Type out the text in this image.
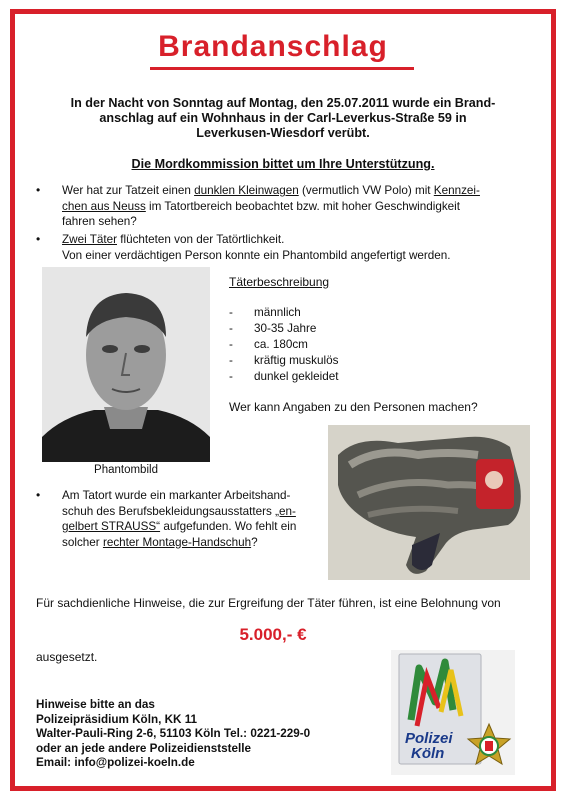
Brandanschlag
In der Nacht von Sonntag auf Montag, den 25.07.2011 wurde ein Brand-
anschlag auf ein Wohnhaus in der Carl-Leverkus-Straße 59 in
Leverkusen-Wiesdorf verübt.
Die Mordkommission bittet um Ihre Unterstützung.
• Wer hat zur Tatzeit einen dunklen Kleinwagen (vermutlich VW Polo) mit Kennzei-
chen aus Neuss im Tatortbereich beobachtet bzw. mit hoher Geschwindigkeit
fahren sehen?
• Zwei Täter flüchteten von der Tatörtlichkeit.
Von einer verdächtigen Person konnte ein Phantombild angefertigt werden.
Phantombild
Täterbeschreibung
- männlich
- 30-35 Jahre
- ca. 180cm
- kräftig muskulös
- dunkel gekleidet
Wer kann Angaben zu den Personen machen?
• Am Tatort wurde ein markanter Arbeitshand-
schuh des Berufsbekleidungsausstatters „en-
gelbert STRAUSS“ aufgefunden. Wo fehlt ein
solcher rechter Montage-Handschuh?
Für sachdienliche Hinweise, die zur Ergreifung der Täter führen, ist eine Belohnung von
5.000,- €
ausgesetzt.
Hinweise bitte an das
Polizeipräsidium Köln, KK 11
Walter-Pauli-Ring 2-6, 51103 Köln Tel.: 0221-229-0
oder an jede andere Polizeidienststelle
Email: info@polizei-koeln.de
Polizei
Köln
